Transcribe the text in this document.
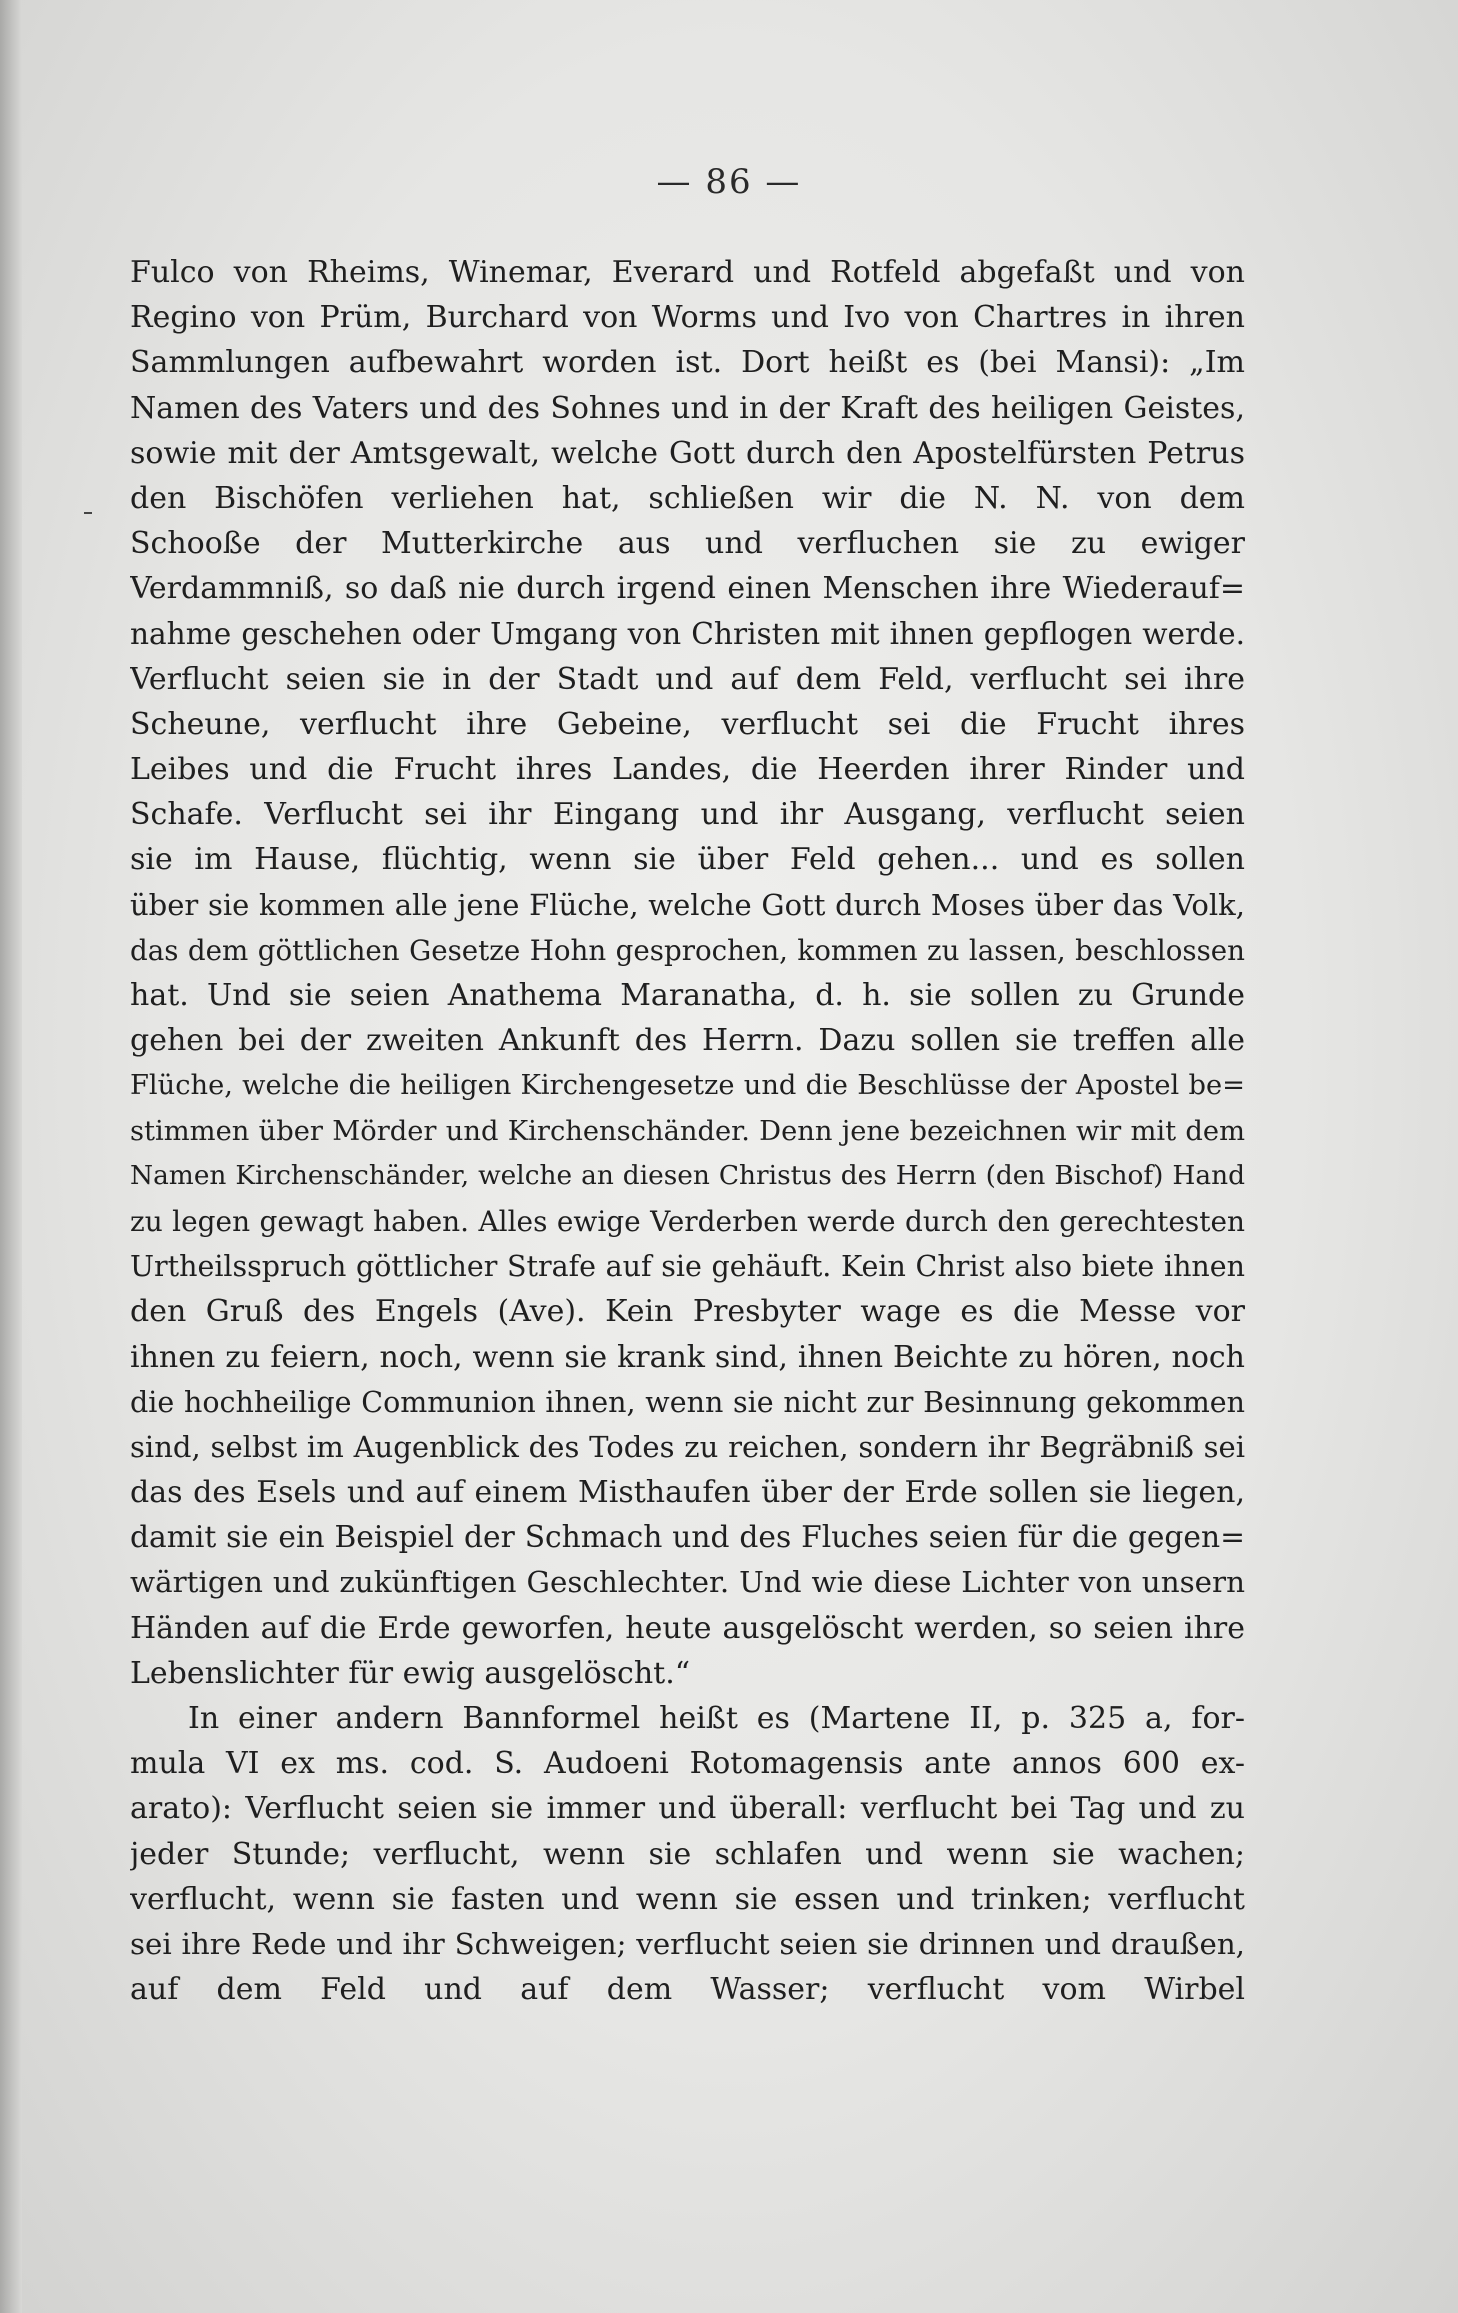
— 86 —
Fulco von Rheims, Winemar, Everard und Rotfeld abgefaßt und von
Regino von Prüm, Burchard von Worms und Ivo von Chartres in ihren
Sammlungen aufbewahrt worden ist. Dort heißt es (bei Mansi): „Im
Namen des Vaters und des Sohnes und in der Kraft des heiligen Geistes,
sowie mit der Amtsgewalt, welche Gott durch den Apostelfürsten Petrus
den Bischöfen verliehen hat, schließen wir die N. N. von dem
Schooße der Mutterkirche aus und verfluchen sie zu ewiger
Verdammniß, so daß nie durch irgend einen Menschen ihre Wiederauf=
nahme geschehen oder Umgang von Christen mit ihnen gepflogen werde.
Verflucht seien sie in der Stadt und auf dem Feld, verflucht sei ihre
Scheune, verflucht ihre Gebeine, verflucht sei die Frucht ihres
Leibes und die Frucht ihres Landes, die Heerden ihrer Rinder und
Schafe. Verflucht sei ihr Eingang und ihr Ausgang, verflucht seien
sie im Hause, flüchtig, wenn sie über Feld gehen... und es sollen
über sie kommen alle jene Flüche, welche Gott durch Moses über das Volk,
das dem göttlichen Gesetze Hohn gesprochen, kommen zu lassen, beschlossen
hat. Und sie seien Anathema Maranatha, d. h. sie sollen zu Grunde
gehen bei der zweiten Ankunft des Herrn. Dazu sollen sie treffen alle
Flüche, welche die heiligen Kirchengesetze und die Beschlüsse der Apostel be=
stimmen über Mörder und Kirchenschänder. Denn jene bezeichnen wir mit dem
Namen Kirchenschänder, welche an diesen Christus des Herrn (den Bischof) Hand
zu legen gewagt haben. Alles ewige Verderben werde durch den gerechtesten
Urtheilsspruch göttlicher Strafe auf sie gehäuft. Kein Christ also biete ihnen
den Gruß des Engels (Ave). Kein Presbyter wage es die Messe vor
ihnen zu feiern, noch, wenn sie krank sind, ihnen Beichte zu hören, noch
die hochheilige Communion ihnen, wenn sie nicht zur Besinnung gekommen
sind, selbst im Augenblick des Todes zu reichen, sondern ihr Begräbniß sei
das des Esels und auf einem Misthaufen über der Erde sollen sie liegen,
damit sie ein Beispiel der Schmach und des Fluches seien für die gegen=
wärtigen und zukünftigen Geschlechter. Und wie diese Lichter von unsern
Händen auf die Erde geworfen, heute ausgelöscht werden, so seien ihre
Lebenslichter für ewig ausgelöscht.“
In einer andern Bannformel heißt es (Martene II, p. 325 a, for-
mula VI ex ms. cod. S. Audoeni Rotomagensis ante annos 600 ex-
arato): Verflucht seien sie immer und überall: verflucht bei Tag und zu
jeder Stunde; verflucht, wenn sie schlafen und wenn sie wachen;
verflucht, wenn sie fasten und wenn sie essen und trinken; verflucht
sei ihre Rede und ihr Schweigen; verflucht seien sie drinnen und draußen,
auf dem Feld und auf dem Wasser; verflucht vom Wirbel
